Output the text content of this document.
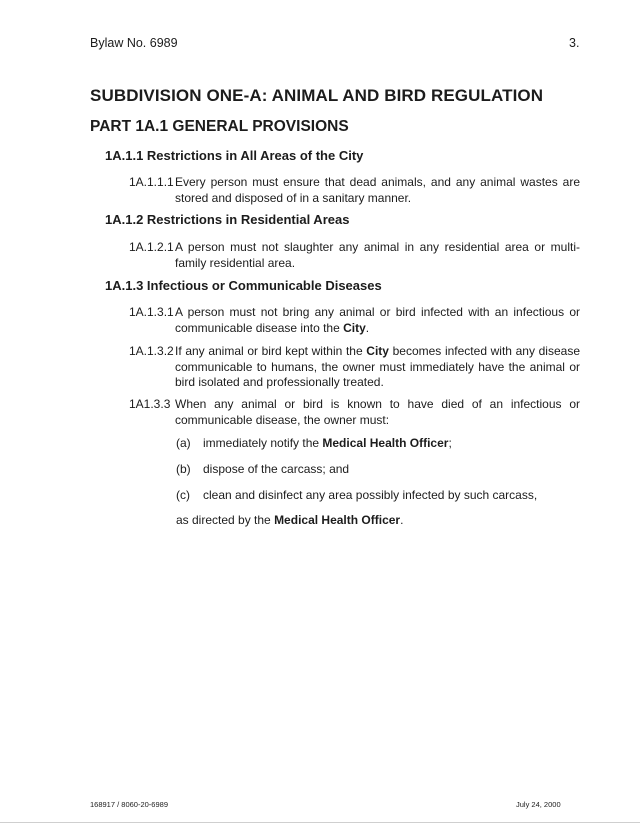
Bylaw No. 6989	3.
SUBDIVISION ONE-A: ANIMAL AND BIRD REGULATION
PART 1A.1 GENERAL PROVISIONS
1A.1.1 Restrictions in All Areas of the City
1A.1.1.1 Every person must ensure that dead animals, and any animal wastes are stored and disposed of in a sanitary manner.
1A.1.2 Restrictions in Residential Areas
1A.1.2.1 A person must not slaughter any animal in any residential area or multi-family residential area.
1A.1.3 Infectious or Communicable Diseases
1A.1.3.1 A person must not bring any animal or bird infected with an infectious or communicable disease into the City.
1A.1.3.2 If any animal or bird kept within the City becomes infected with any disease communicable to humans, the owner must immediately have the animal or bird isolated and professionally treated.
1A1.3.3 When any animal or bird is known to have died of an infectious or communicable disease, the owner must:
(a) immediately notify the Medical Health Officer;
(b) dispose of the carcass; and
(c) clean and disinfect any area possibly infected by such carcass,
as directed by the Medical Health Officer.
168917 / 8060-20-6989	July 24, 2000
